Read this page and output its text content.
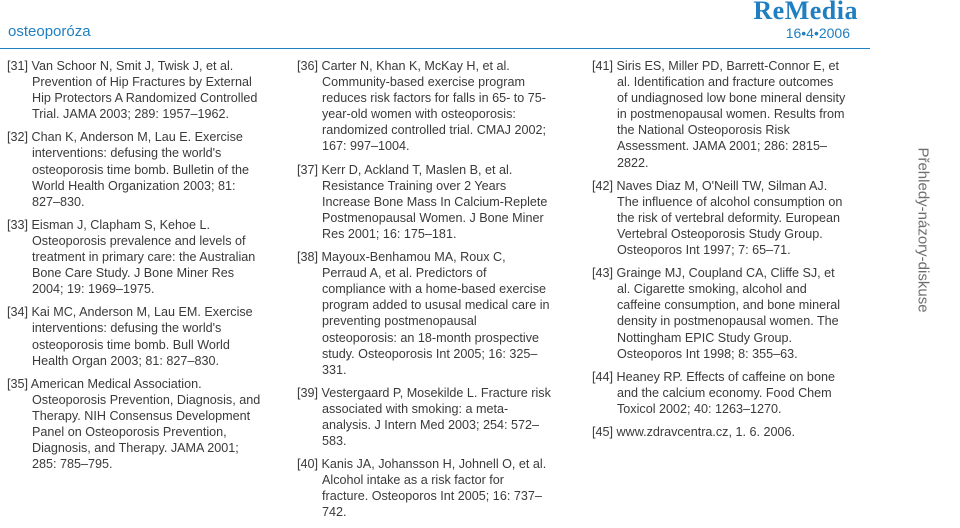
osteoporóza
ReMedia
16•4•2006

[31] Van Schoor N, Smit J, Twisk J, et al. Prevention of Hip Fractures by External Hip Protectors A Randomized Controlled Trial. JAMA 2003; 289: 1957–1962.

[32] Chan K, Anderson M, Lau E. Exercise interventions: defusing the world's osteoporosis time bomb. Bulletin of the World Health Organization 2003; 81: 827–830.

[33] Eisman J, Clapham S, Kehoe L. Osteoporosis prevalence and levels of treatment in primary care: the Australian Bone Care Study. J Bone Miner Res 2004; 19: 1969–1975.

[34] Kai MC, Anderson M, Lau EM. Exercise interventions: defusing the world's osteoporosis time bomb. Bull World Health Organ 2003; 81: 827–830.

[35] American Medical Association. Osteoporosis Prevention, Diagnosis, and Therapy. NIH Consensus Development Panel on Osteoporosis Prevention, Diagnosis, and Therapy. JAMA 2001; 285: 785–795.

[36] Carter N, Khan K, McKay H, et al. Community-based exercise program reduces risk factors for falls in 65- to 75-year-old women with osteoporosis: randomized controlled trial. CMAJ 2002; 167: 997–1004.

[37] Kerr D, Ackland T, Maslen B, et al. Resistance Training over 2 Years Increase Bone Mass In Calcium-Replete Postmenopausal Women. J Bone Miner Res 2001; 16: 175–181.

[38] Mayoux-Benhamou MA, Roux C, Perraud A, et al. Predictors of compliance with a home-based exercise program added to ususal medical care in preventing postmenopausal osteoporosis: an 18-month prospective study. Osteoporosis Int 2005; 16: 325–331.

[39] Vestergaard P, Mosekilde L. Fracture risk associated with smoking: a meta-analysis. J Intern Med 2003; 254: 572–583.

[40] Kanis JA, Johansson H, Johnell O, et al. Alcohol intake as a risk factor for fracture. Osteoporos Int 2005; 16: 737–742.

[41] Siris ES, Miller PD, Barrett-Connor E, et al. Identification and fracture outcomes of undiagnosed low bone mineral density in postmenopausal women. Results from the National Osteoporosis Risk Assessment. JAMA 2001; 286: 2815–2822.

[42] Naves Diaz M, O'Neill TW, Silman AJ. The influence of alcohol consumption on the risk of vertebral deformity. European Vertebral Osteoporosis Study Group. Osteoporos Int 1997; 7: 65–71.

[43] Grainge MJ, Coupland CA, Cliffe SJ, et al. Cigarette smoking, alcohol and caffeine consumption, and bone mineral density in postmenopausal women. The Nottingham EPIC Study Group. Osteoporos Int 1998; 8: 355–63.

[44] Heaney RP. Effects of caffeine on bone and the calcium economy. Food Chem Toxicol 2002; 40: 1263–1270.

[45] www.zdravcentra.cz, 1. 6. 2006.

Přehledy-názory-diskuse
